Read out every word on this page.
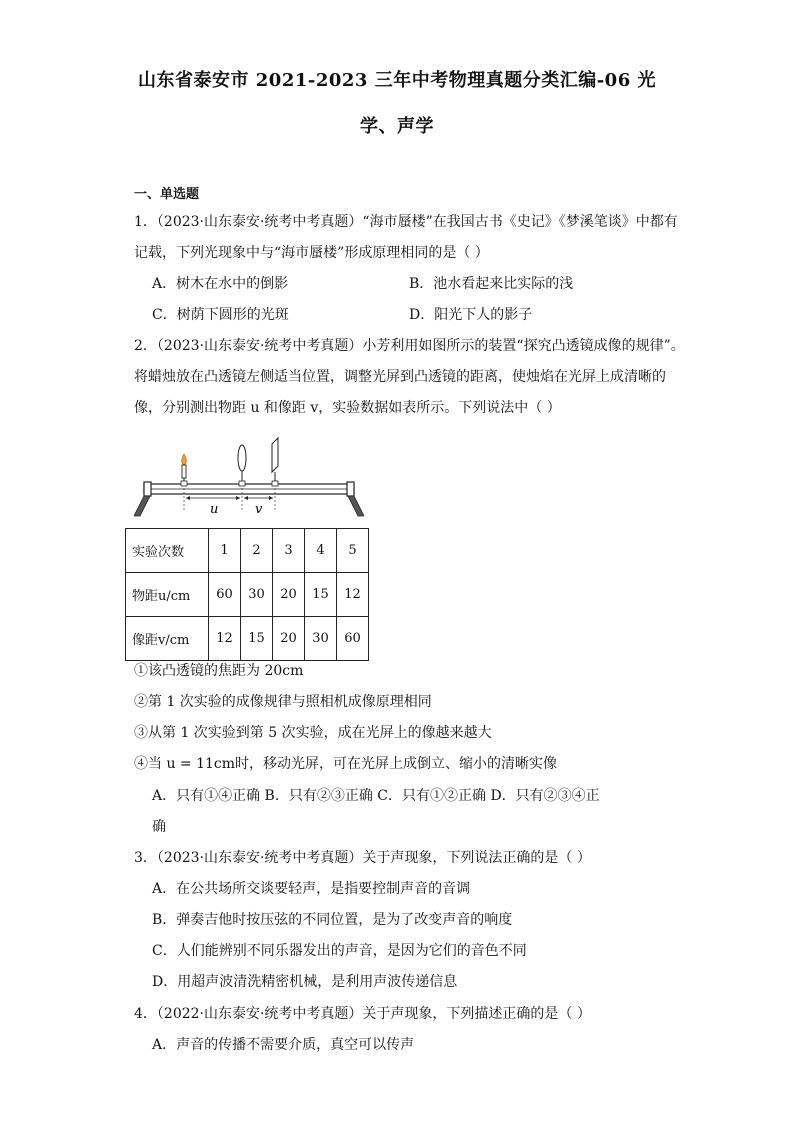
山东省泰安市 2021-2023 三年中考物理真题分类汇编-06 光
学、声学
一、单选题
1．（2023·山东泰安·统考中考真题）“海市蜃楼”在我国古书《史记》《梦溪笔谈》中都有
记载，下列光现象中与“海市蜃楼”形成原理相同的是（ ）
A．树木在水中的倒影	B．池水看起来比实际的浅
C．树荫下圆形的光斑	D．阳光下人的影子
2．（2023·山东泰安·统考中考真题）小芳利用如图所示的装置“探究凸透镜成像的规律”。
将蜡烛放在凸透镜左侧适当位置，调整光屏到凸透镜的距离，使烛焰在光屏上成清晰的
像，分别测出物距 u 和像距 v，实验数据如表所示。下列说法中（ ）
u	v
实验次数	1	2	3	4	5
物距u/cm	60	30	20	15	12
像距v/cm	12	15	20	30	60
①该凸透镜的焦距为 20cm
②第 1 次实验的成像规律与照相机成像原理相同
③从第 1 次实验到第 5 次实验，成在光屏上的像越来越大
④当 u = 11cm时，移动光屏，可在光屏上成倒立、缩小的清晰实像
A．只有①④正确 B．只有②③正确 C．只有①②正确 D．只有②③④正
确
3．（2023·山东泰安·统考中考真题）关于声现象，下列说法正确的是（ ）
A．在公共场所交谈要轻声，是指要控制声音的音调
B．弹奏吉他时按压弦的不同位置，是为了改变声音的响度
C．人们能辨别不同乐器发出的声音，是因为它们的音色不同
D．用超声波清洗精密机械，是利用声波传递信息
4．（2022·山东泰安·统考中考真题）关于声现象，下列描述正确的是（ ）
A．声音的传播不需要介质，真空可以传声
